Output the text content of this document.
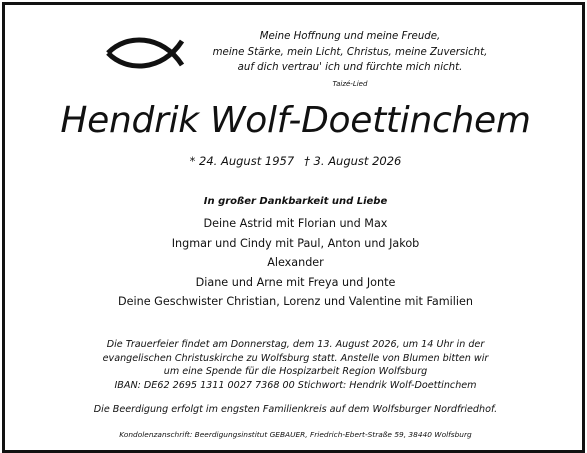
Meine Hoffnung und meine Freude,
meine Stärke, mein Licht, Christus, meine Zuversicht,
auf dich vertrau' ich und fürchte mich nicht.
Taizé-Lied
Hendrik Wolf-Doettinchem
* 24. August 1957 † 3. August 2026
In großer Dankbarkeit und Liebe
Deine Astrid mit Florian und Max
Ingmar und Cindy mit Paul, Anton und Jakob
Alexander
Diane und Arne mit Freya und Jonte
Deine Geschwister Christian, Lorenz und Valentine mit Familien
Die Trauerfeier findet am Donnerstag, dem 13. August 2026, um 14 Uhr in der
evangelischen Christuskirche zu Wolfsburg statt. Anstelle von Blumen bitten wir
um eine Spende für die Hospizarbeit Region Wolfsburg
IBAN: DE62 2695 1311 0027 7368 00 Stichwort: Hendrik Wolf-Doettinchem
Die Beerdigung erfolgt im engsten Familienkreis auf dem Wolfsburger Nordfriedhof.
Kondolenzanschrift: Beerdigungsinstitut GEBAUER, Friedrich-Ebert-Straße 59, 38440 Wolfsburg
